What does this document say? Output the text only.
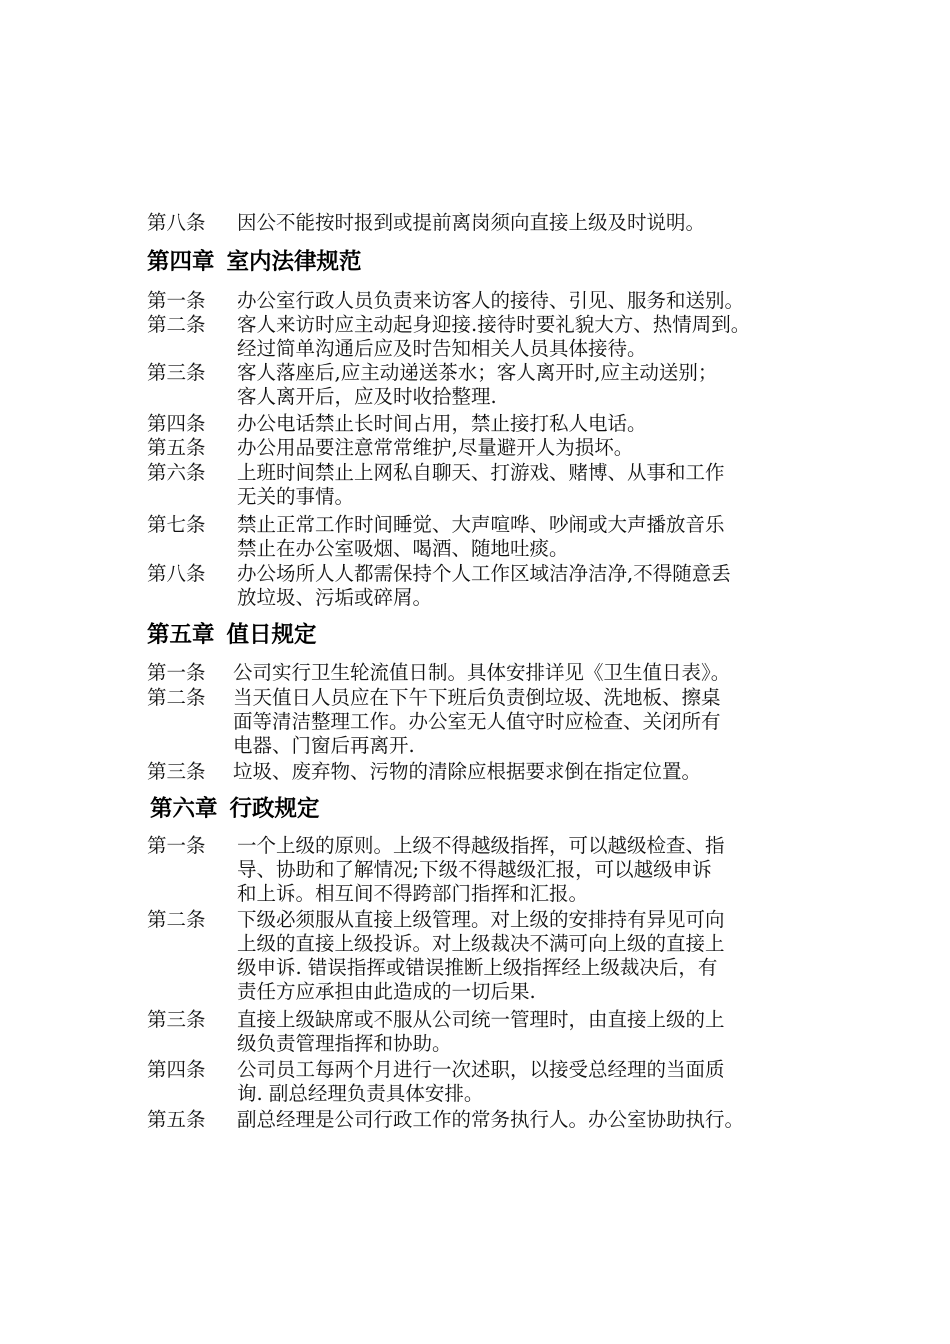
第八条	因公不能按时报到或提前离岗须向直接上级及时说明。
第四章 室内法律规范
第一条	办公室行政人员负责来访客人的接待、引见、服务和送别。
第二条	客人来访时应主动起身迎接.接待时要礼貌大方、热情周到。
经过简单沟通后应及时告知相关人员具体接待。
第三条	客人落座后,应主动递送茶水；客人离开时,应主动送别；
客人离开后，应及时收拾整理.
第四条	办公电话禁止长时间占用，禁止接打私人电话。
第五条	办公用品要注意常常维护,尽量避开人为损坏。
第六条	上班时间禁止上网私自聊天、打游戏、赌博、从事和工作
无关的事情。
第七条	禁止正常工作时间睡觉、大声喧哗、吵闹或大声播放音乐
禁止在办公室吸烟、喝酒、随地吐痰。
第八条	办公场所人人都需保持个人工作区域洁净洁净,不得随意丢
放垃圾、污垢或碎屑。
第五章 值日规定
第一条	公司实行卫生轮流值日制。具体安排详见《卫生值日表》。
第二条	当天值日人员应在下午下班后负责倒垃圾、洗地板、擦桌
面等清洁整理工作。办公室无人值守时应检查、关闭所有
电器、门窗后再离开.
第三条	垃圾、废弃物、污物的清除应根据要求倒在指定位置。
第六章 行政规定
第一条	一个上级的原则。上级不得越级指挥，可以越级检查、指
导、协助和了解情况;下级不得越级汇报，可以越级申诉
和上诉。相互间不得跨部门指挥和汇报。
第二条	下级必须服从直接上级管理。对上级的安排持有异见可向
上级的直接上级投诉。对上级裁决不满可向上级的直接上
级申诉. 错误指挥或错误推断上级指挥经上级裁决后，有
责任方应承担由此造成的一切后果.
第三条	直接上级缺席或不服从公司统一管理时，由直接上级的上
级负责管理指挥和协助。
第四条	公司员工每两个月进行一次述职，以接受总经理的当面质
询. 副总经理负责具体安排。
第五条	副总经理是公司行政工作的常务执行人。办公室协助执行。
